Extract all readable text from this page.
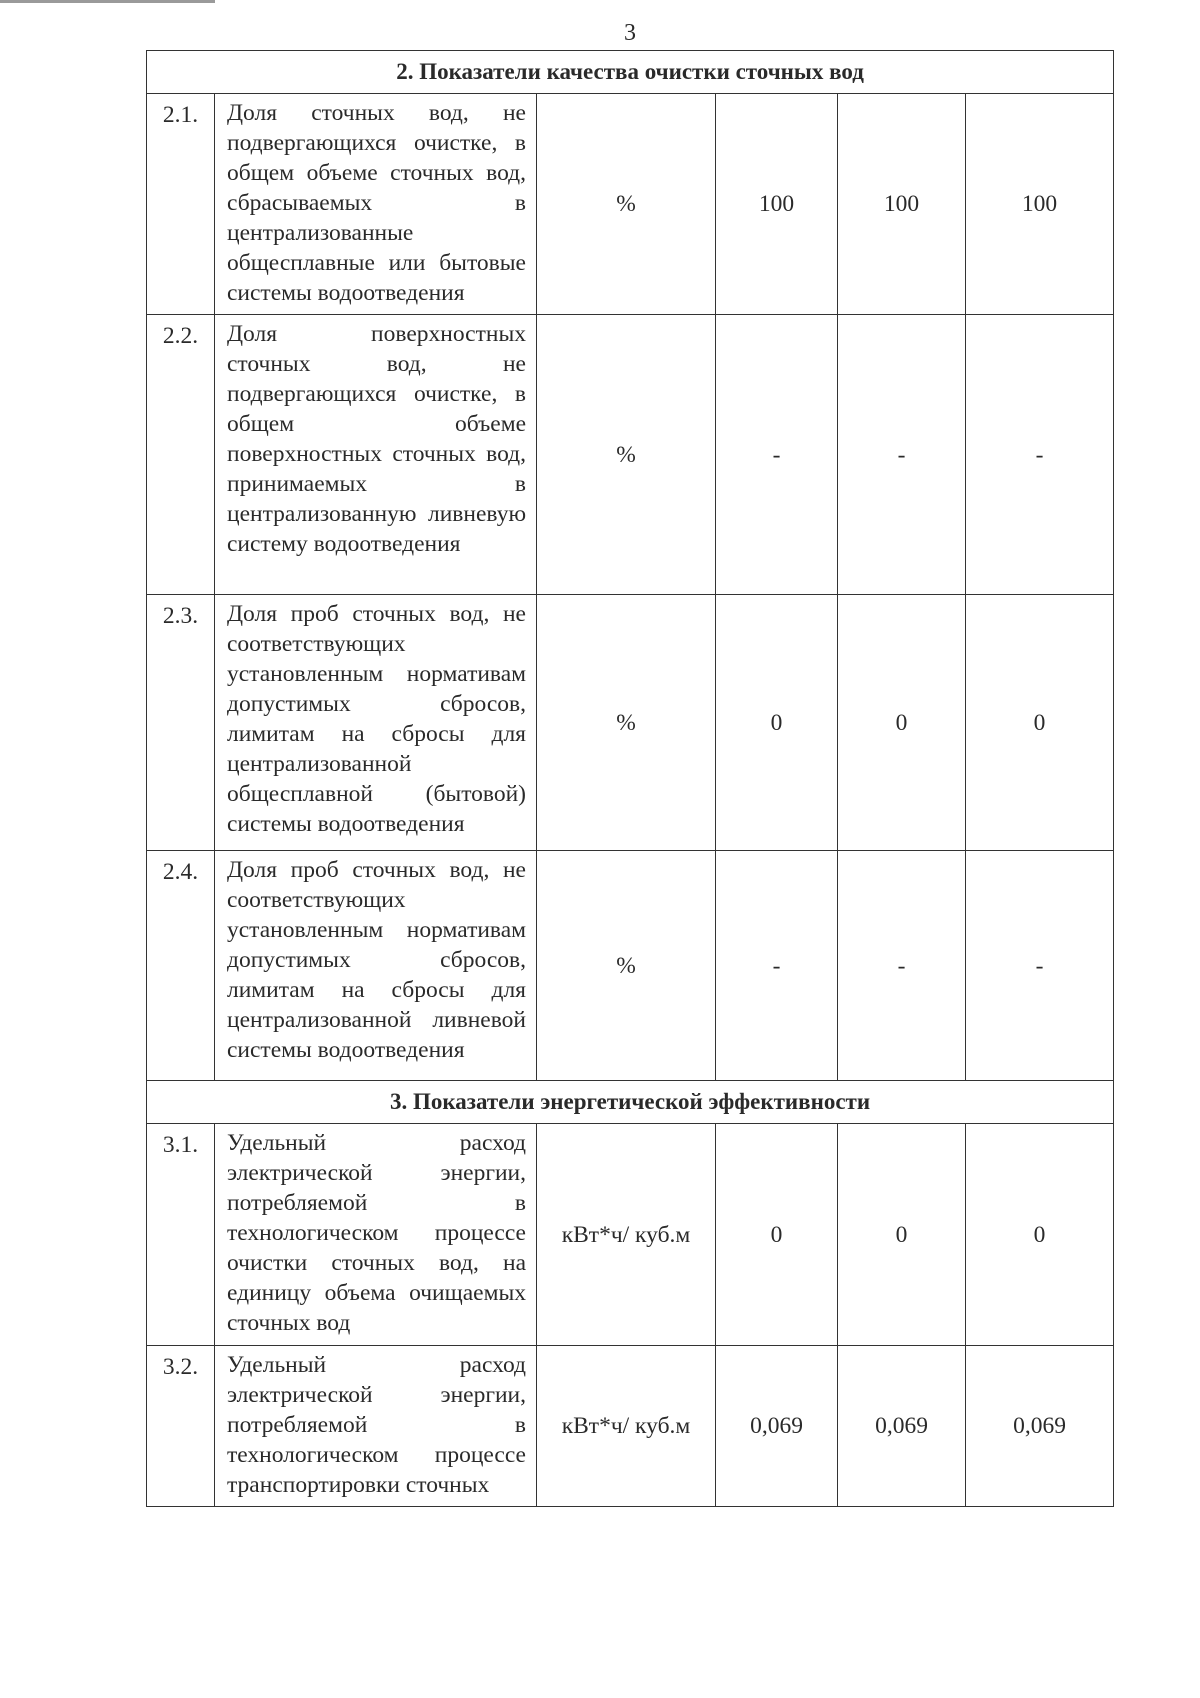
3
2. Показатели качества очистки сточных вод					
2.1.	Доля сточных вод, не подвергающихся очистке, в общем объеме сточных вод, сбрасываемых в централизованные общесплавные или бытовые системы водоотведения	%	100	100	100
2.2.	Доля поверхностных сточных вод, не подвергающихся очистке, в общем объеме поверхностных сточных вод, принимаемых в централизованную ливневую систему водоотведения	%	-	-	-
2.3.	Доля проб сточных вод, не соответствующих установленным нормативам допустимых сбросов, лимитам на сбросы для централизованной общесплавной (бытовой) системы водоотведения	%	0	0	0
2.4.	Доля проб сточных вод, не соответствующих установленным нормативам допустимых сбросов, лимитам на сбросы для централизованной ливневой системы водоотведения	%	-	-	-
3. Показатели энергетической эффективности					
3.1.	Удельный расход электрической энергии, потребляемой в технологическом процессе очистки сточных вод, на единицу объема очищаемых сточных вод	кВт*ч/ куб.м	0	0	0
3.2.	Удельный расход электрической энергии, потребляемой в технологическом процессе транспортировки сточных	кВт*ч/ куб.м	0,069	0,069	0,069
